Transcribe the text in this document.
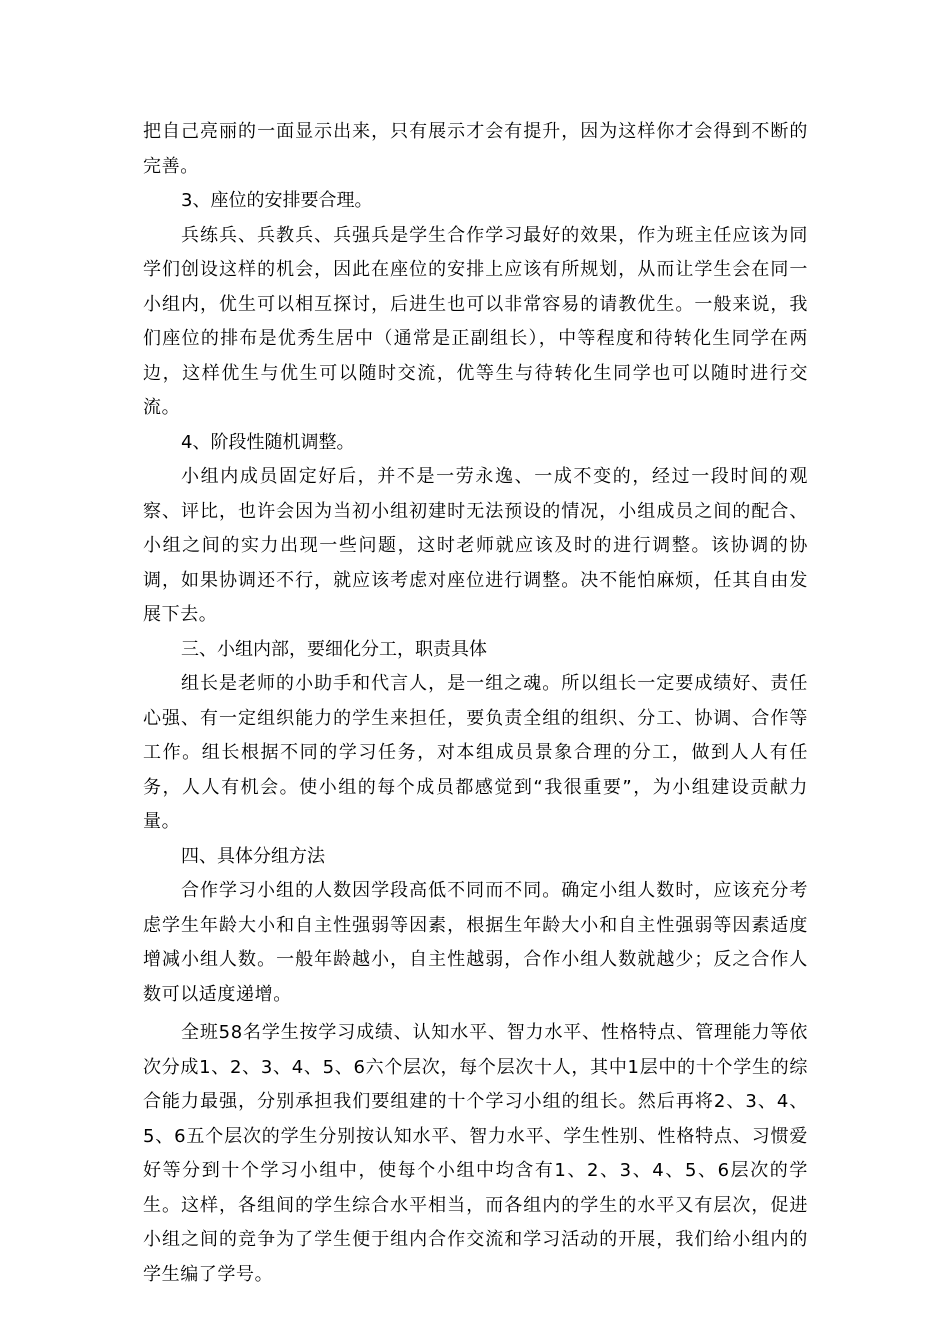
把自己亮丽的一面显示出来，只有展示才会有提升，因为这样你才会得到不断的完善。

3、座位的安排要合理。

兵练兵、兵教兵、兵强兵是学生合作学习最好的效果，作为班主任应该为同学们创设这样的机会，因此在座位的安排上应该有所规划，从而让学生会在同一小组内，优生可以相互探讨，后进生也可以非常容易的请教优生。一般来说，我们座位的排布是优秀生居中（通常是正副组长），中等程度和待转化生同学在两边，这样优生与优生可以随时交流，优等生与待转化生同学也可以随时进行交流。

4、阶段性随机调整。

小组内成员固定好后，并不是一劳永逸、一成不变的，经过一段时间的观察、评比，也许会因为当初小组初建时无法预设的情况，小组成员之间的配合、小组之间的实力出现一些问题，这时老师就应该及时的进行调整。该协调的协调，如果协调还不行，就应该考虑对座位进行调整。决不能怕麻烦，任其自由发展下去。

三、小组内部，要细化分工，职责具体

组长是老师的小助手和代言人，是一组之魂。所以组长一定要成绩好、责任心强、有一定组织能力的学生来担任，要负责全组的组织、分工、协调、合作等工作。组长根据不同的学习任务，对本组成员景象合理的分工，做到人人有任务，人人有机会。使小组的每个成员都感觉到“我很重要”，为小组建设贡献力量。

四、具体分组方法

合作学习小组的人数因学段高低不同而不同。确定小组人数时，应该充分考虑学生年龄大小和自主性强弱等因素，根据生年龄大小和自主性强弱等因素适度增减小组人数。一般年龄越小，自主性越弱，合作小组人数就越少；反之合作人数可以适度递增。

全班58名学生按学习成绩、认知水平、智力水平、性格特点、管理能力等依次分成1、2、3、4、5、6六个层次，每个层次十人，其中1层中的十个学生的综合能力最强，分别承担我们要组建的十个学习小组的组长。然后再将2、3、4、5、6五个层次的学生分别按认知水平、智力水平、学生性别、性格特点、习惯爱好等分到十个学习小组中，使每个小组中均含有1、2、3、4、5、6层次的学生。这样，各组间的学生综合水平相当，而各组内的学生的水平又有层次，促进小组之间的竞争为了学生便于组内合作交流和学习活动的开展，我们给小组内的学生编了学号。
